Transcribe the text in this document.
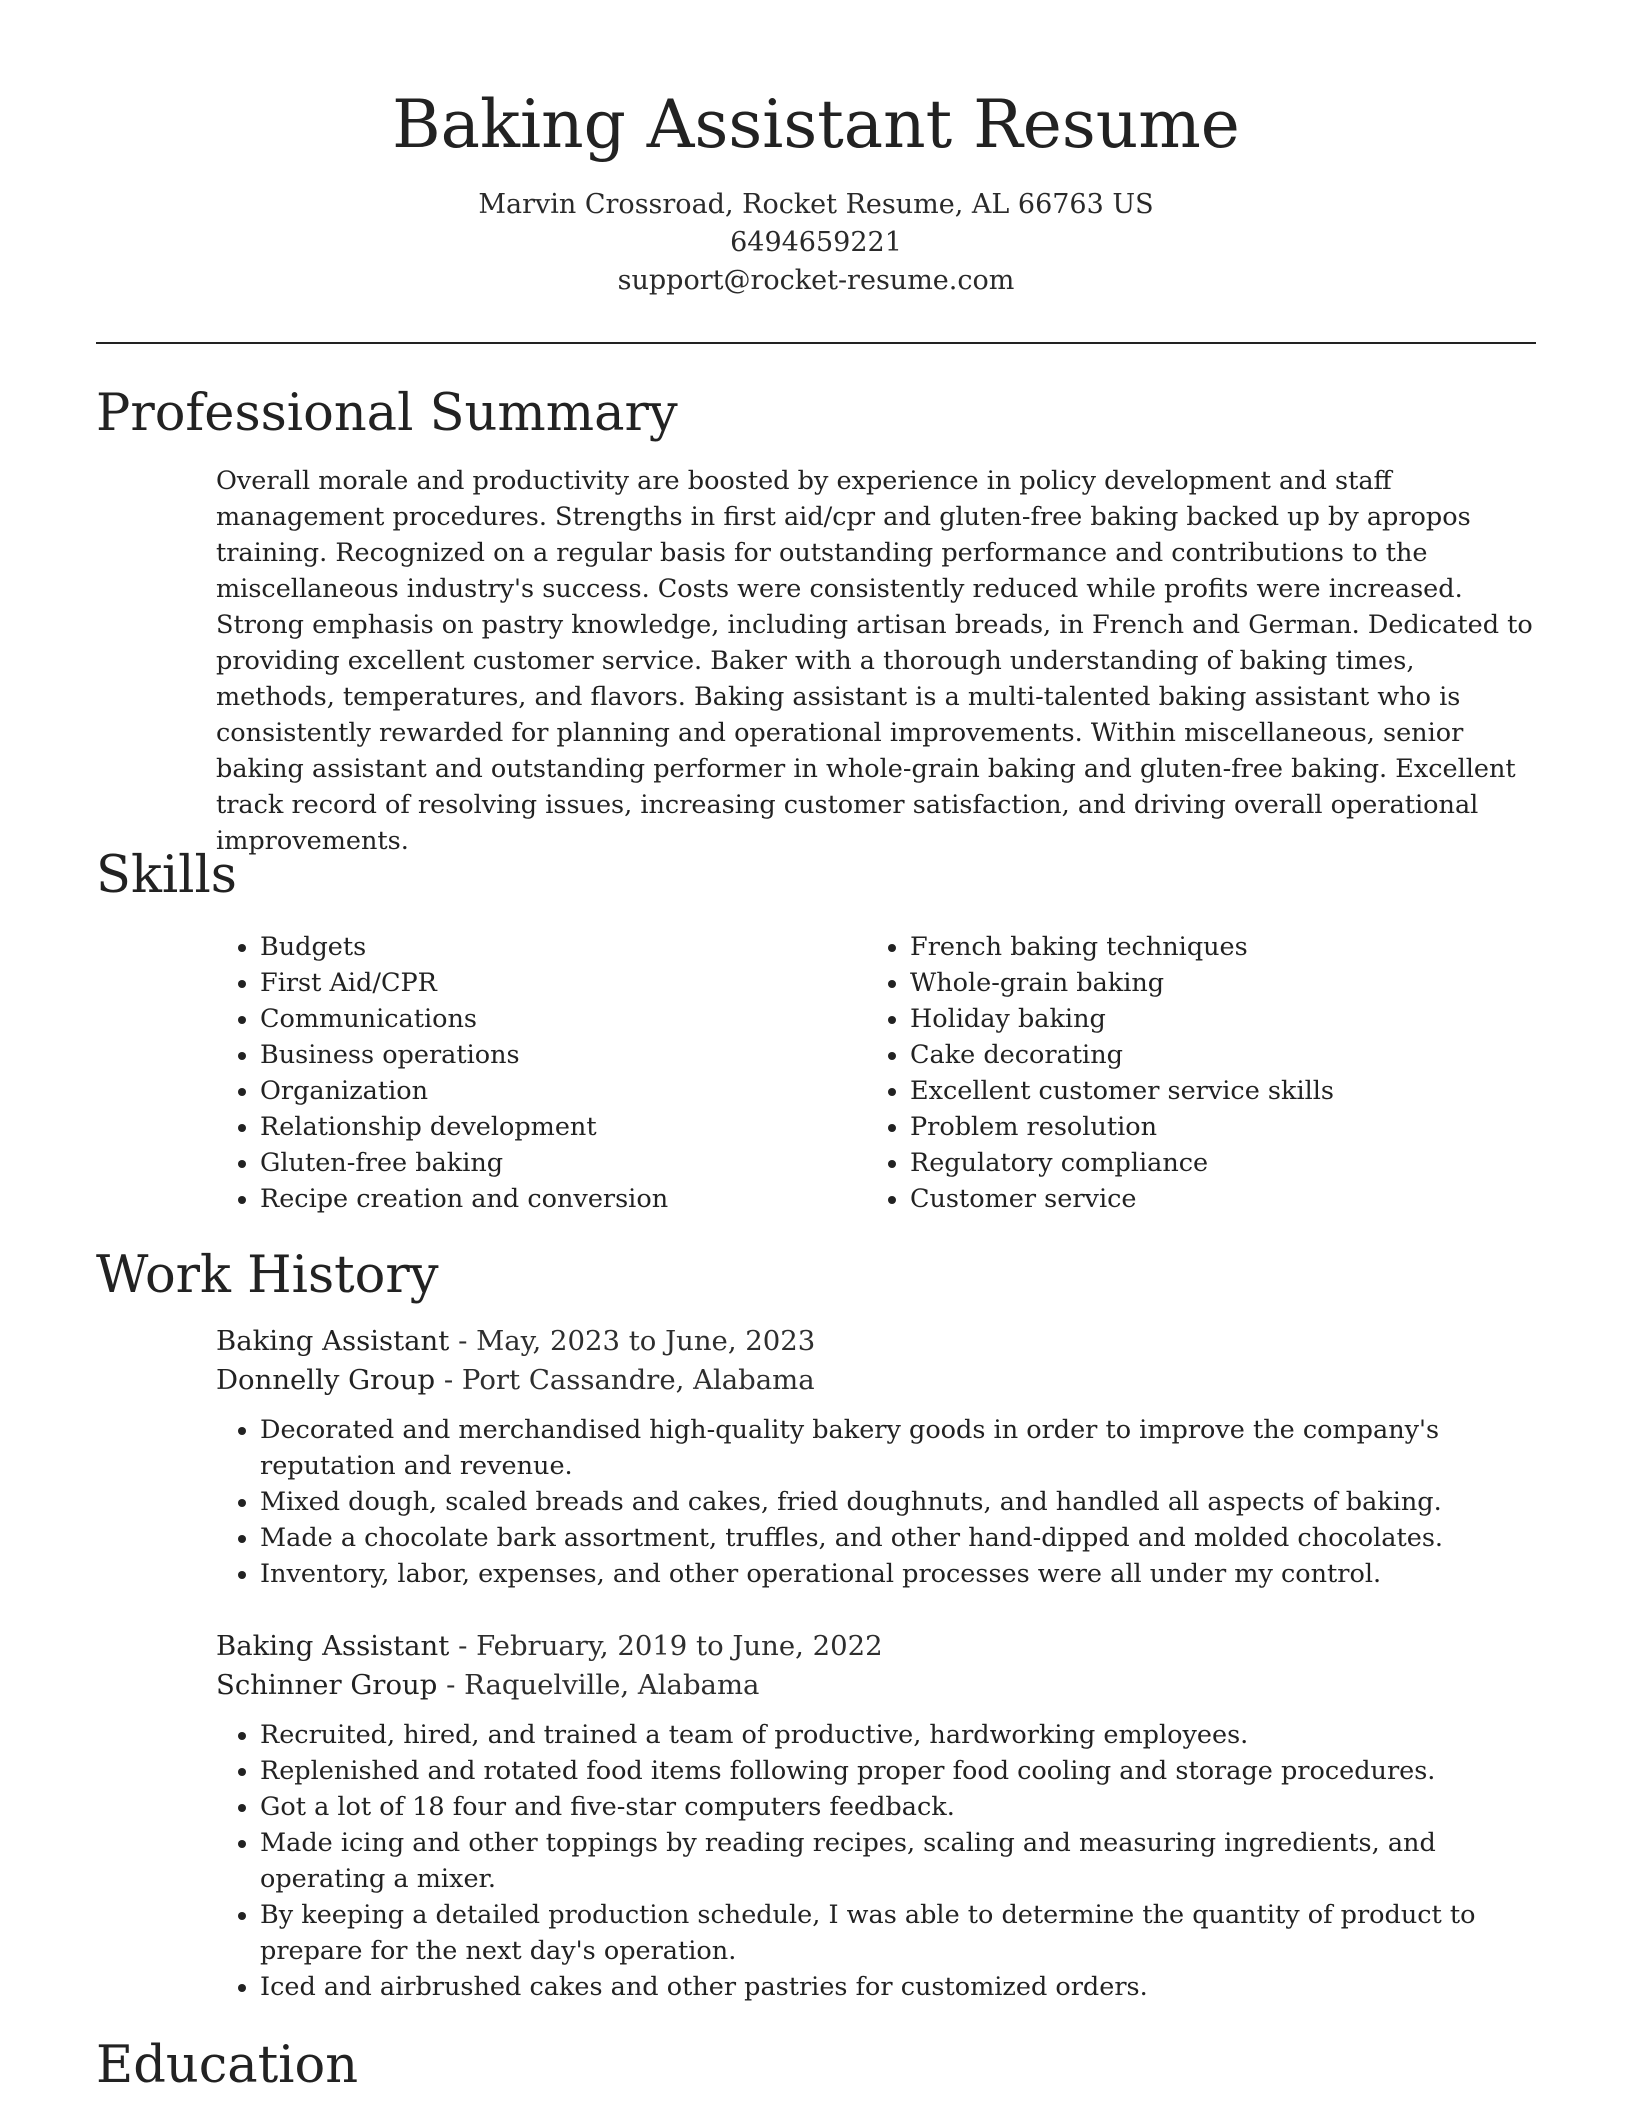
Baking Assistant Resume
Marvin Crossroad, Rocket Resume, AL 66763 US
6494659221
support@rocket-resume.com
Professional Summary

Overall morale and productivity are boosted by experience in policy development and staff management procedures. Strengths in first aid/cpr and gluten-free baking backed up by apropos training. Recognized on a regular basis for outstanding performance and contributions to the miscellaneous industry's success. Costs were consistently reduced while profits were increased. Strong emphasis on pastry knowledge, including artisan breads, in French and German. Dedicated to providing excellent customer service. Baker with a thorough understanding of baking times, methods, temperatures, and flavors. Baking assistant is a multi-talented baking assistant who is consistently rewarded for planning and operational improvements. Within miscellaneous, senior baking assistant and outstanding performer in whole-grain baking and gluten-free baking. Excellent track record of resolving issues, increasing customer satisfaction, and driving overall operational improvements.

Skills
• Budgets
• First Aid/CPR
• Communications
• Business operations
• Organization
• Relationship development
• Gluten-free baking
• Recipe creation and conversion
• French baking techniques
• Whole-grain baking
• Holiday baking
• Cake decorating
• Excellent customer service skills
• Problem resolution
• Regulatory compliance
• Customer service
Work History
Baking Assistant - May, 2023 to June, 2023
Donnelly Group - Port Cassandre, Alabama
• Decorated and merchandised high-quality bakery goods in order to improve the company's reputation and revenue.
• Mixed dough, scaled breads and cakes, fried doughnuts, and handled all aspects of baking.
• Made a chocolate bark assortment, truffles, and other hand-dipped and molded chocolates.
• Inventory, labor, expenses, and other operational processes were all under my control.
Baking Assistant - February, 2019 to June, 2022
Schinner Group - Raquelville, Alabama
• Recruited, hired, and trained a team of productive, hardworking employees.
• Replenished and rotated food items following proper food cooling and storage procedures.
• Got a lot of 18 four and five-star computers feedback.
• Made icing and other toppings by reading recipes, scaling and measuring ingredients, and operating a mixer.
• By keeping a detailed production schedule, I was able to determine the quantity of product to prepare for the next day's operation.
• Iced and airbrushed cakes and other pastries for customized orders.
Education
